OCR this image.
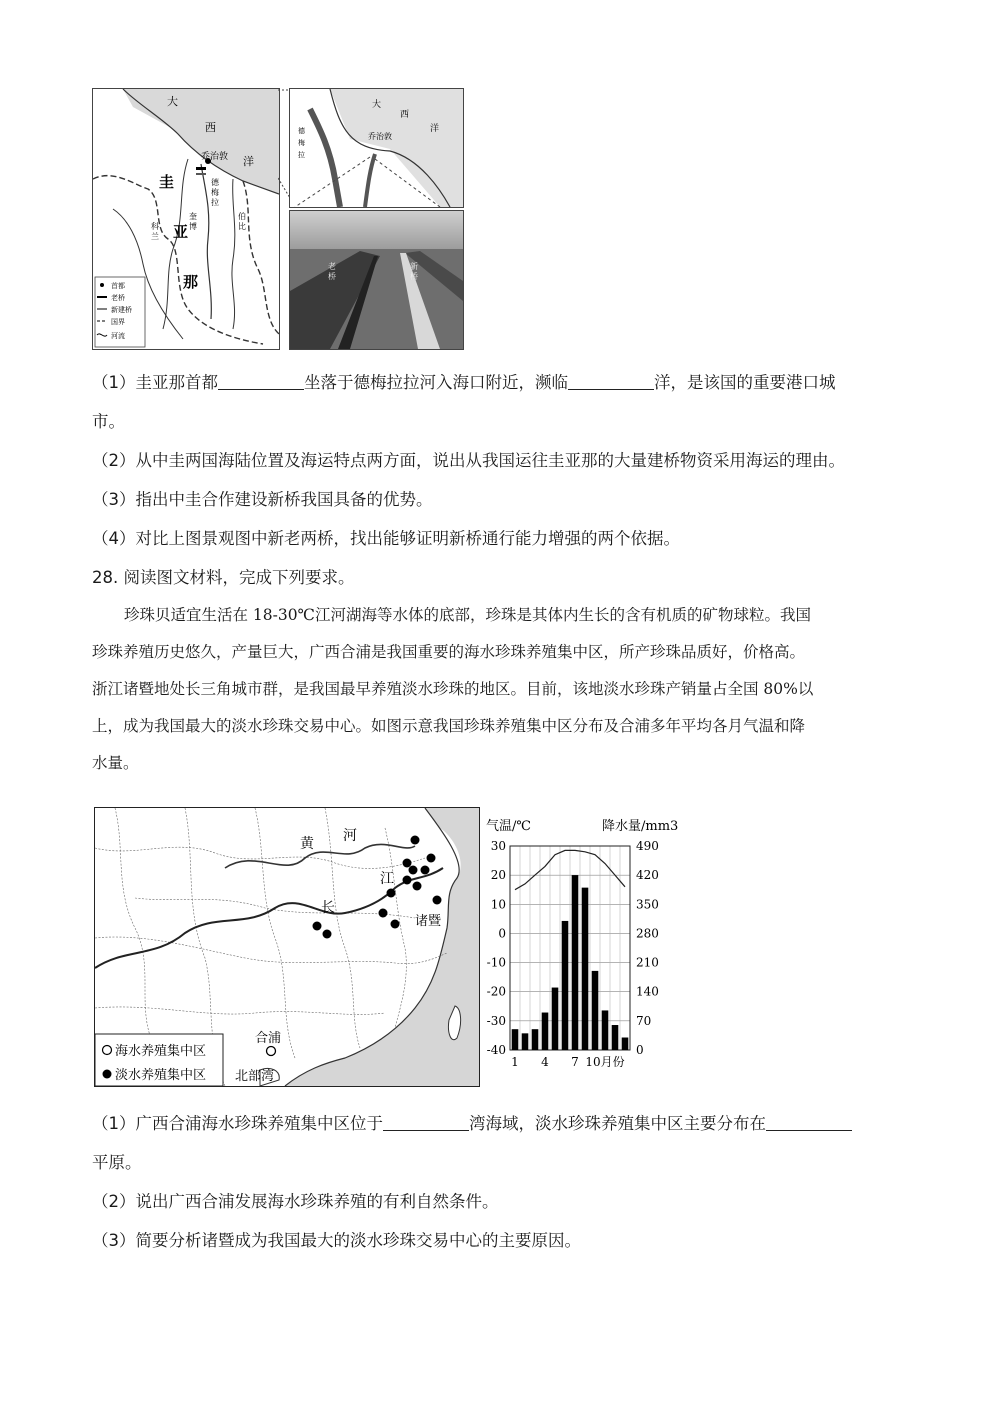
大
西
洋
乔治敦
圭
亚
那
德
梅
拉
奎
博
伯
比
科
兰
首都
老桥
新建桥
国界
河流
大
西
洋
乔治敦
德
梅
拉
老
桥
新
桥
（1）圭亚那首都	坐落于德梅拉拉河入海口附近，濒临	洋，是该国的重要港口城
市。
（2）从中圭两国海陆位置及海运特点两方面，说出从我国运往圭亚那的大量建桥物资采用海运的理由。
（3）指出中圭合作建设新桥我国具备的优势。
（4）对比上图景观图中新老两桥，找出能够证明新桥通行能力增强的两个依据。
28. 阅读图文材料，完成下列要求。
珍珠贝适宜生活在 18-30℃江河湖海等水体的底部，珍珠是其体内生长的含有机质的矿物球粒。我国
珍珠养殖历史悠久，产量巨大，广西合浦是我国重要的海水珍珠养殖集中区，所产珍珠品质好，价格高。
浙江诸暨地处长三角城市群，是我国最早养殖淡水珍珠的地区。目前，该地淡水珍珠产销量占全国 80%以
上，成为我国最大的淡水珍珠交易中心。如图示意我国珍珠养殖集中区分布及合浦多年平均各月气温和降
水量。
黄 河
江
长
诸暨
合浦
北部湾
海水养殖集中区
淡水养殖集中区
气温/℃	降水量/mm3
30
20
10
0
-10
-20
-30
-40
490
420
350
280
210
140
70
0
1 4 7 10月份
（1）广西合浦海水珍珠养殖集中区位于	湾海域，淡水珍珠养殖集中区主要分布在
平原。
（2）说出广西合浦发展海水珍珠养殖的有利自然条件。
（3）简要分析诸暨成为我国最大的淡水珍珠交易中心的主要原因。
